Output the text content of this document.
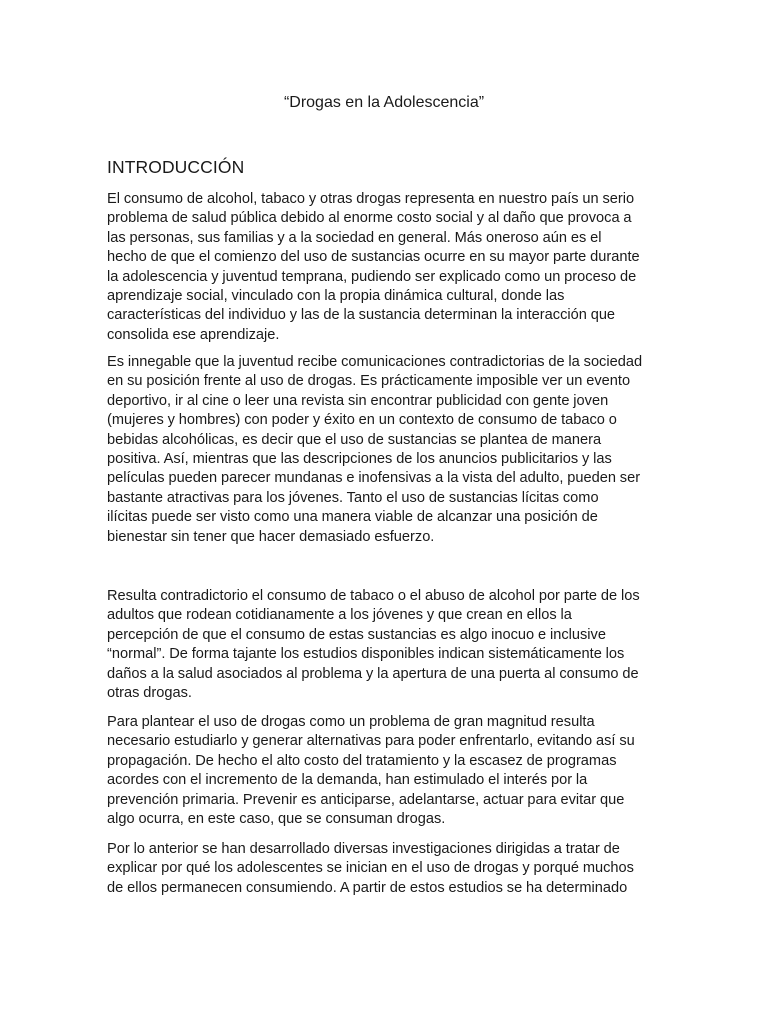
“Drogas en la Adolescencia”
INTRODUCCIÓN

El consumo de alcohol, tabaco y otras drogas representa en nuestro país un serio
problema de salud pública debido al enorme costo social y al daño que provoca a
las personas, sus familias y a la sociedad en general. Más oneroso aún es el
hecho de que el comienzo del uso de sustancias ocurre en su mayor parte durante
la adolescencia y juventud temprana, pudiendo ser explicado como un proceso de
aprendizaje social, vinculado con la propia dinámica cultural, donde las
características del individuo y las de la sustancia determinan la interacción que
consolida ese aprendizaje.

Es innegable que la juventud recibe comunicaciones contradictorias de la sociedad
en su posición frente al uso de drogas. Es prácticamente imposible ver un evento
deportivo, ir al cine o leer una revista sin encontrar publicidad con gente joven
(mujeres y hombres) con poder y éxito en un contexto de consumo de tabaco o
bebidas alcohólicas, es decir que el uso de sustancias se plantea de manera
positiva. Así, mientras que las descripciones de los anuncios publicitarios y las
películas pueden parecer mundanas e inofensivas a la vista del adulto, pueden ser
bastante atractivas para los jóvenes. Tanto el uso de sustancias lícitas como
ilícitas puede ser visto como una manera viable de alcanzar una posición de
bienestar sin tener que hacer demasiado esfuerzo.

Resulta contradictorio el consumo de tabaco o el abuso de alcohol por parte de los
adultos que rodean cotidianamente a los jóvenes y que crean en ellos la
percepción de que el consumo de estas sustancias es algo inocuo e inclusive
“normal”. De forma tajante los estudios disponibles indican sistemáticamente los
daños a la salud asociados al problema y la apertura de una puerta al consumo de
otras drogas.

Para plantear el uso de drogas como un problema de gran magnitud resulta
necesario estudiarlo y generar alternativas para poder enfrentarlo, evitando así su
propagación. De hecho el alto costo del tratamiento y la escasez de programas
acordes con el incremento de la demanda, han estimulado el interés por la
prevención primaria. Prevenir es anticiparse, adelantarse, actuar para evitar que
algo ocurra, en este caso, que se consuman drogas.

Por lo anterior se han desarrollado diversas investigaciones dirigidas a tratar de
explicar por qué los adolescentes se inician en el uso de drogas y porqué muchos
de ellos permanecen consumiendo. A partir de estos estudios se ha determinado
